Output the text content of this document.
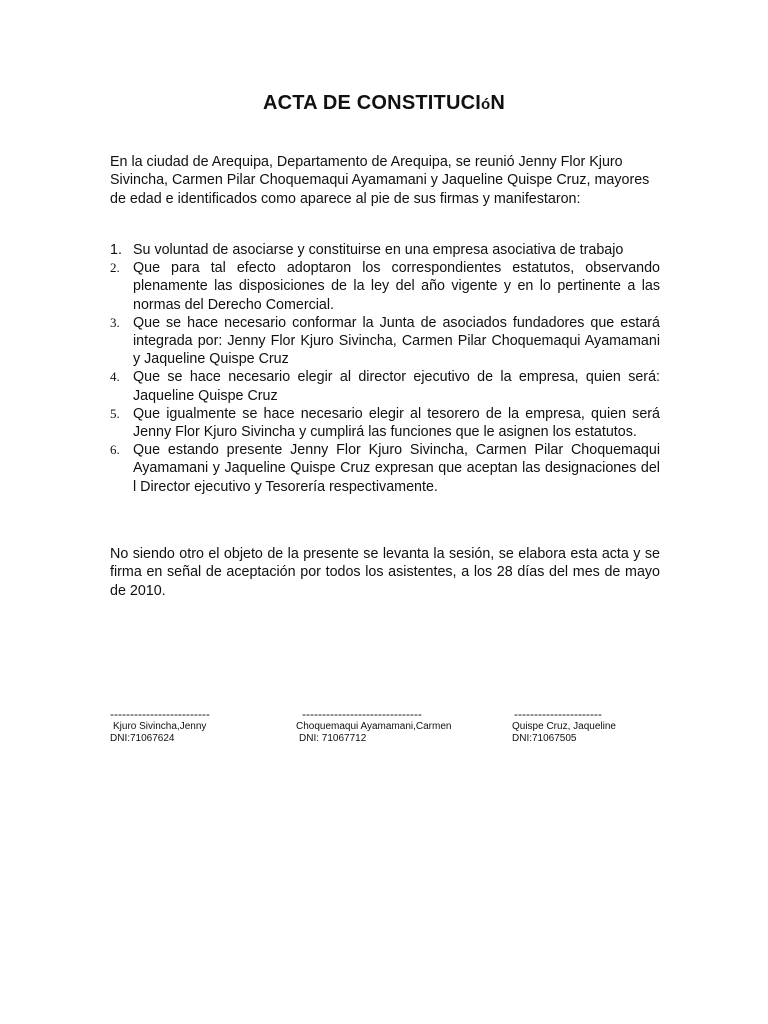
ACTA DE CONSTITUCIóN
En la ciudad de Arequipa, Departamento de Arequipa, se reunió Jenny Flor Kjuro Sivincha, Carmen Pilar Choquemaqui Ayamamani y Jaqueline Quispe Cruz, mayores de edad e identificados como aparece al pie de sus firmas y manifestaron:
1. Su voluntad de asociarse y constituirse en una empresa asociativa de trabajo
2. Que para tal efecto adoptaron los correspondientes estatutos, observando plenamente las disposiciones de la ley del año vigente y en lo pertinente a las normas del Derecho Comercial.
3. Que se hace necesario conformar la Junta de asociados fundadores que estará integrada por: Jenny Flor Kjuro Sivincha, Carmen Pilar Choquemaqui Ayamamani y Jaqueline Quispe Cruz
4. Que se hace necesario elegir al director ejecutivo de la empresa, quien será: Jaqueline Quispe Cruz
5. Que igualmente se hace necesario elegir al tesorero de la empresa, quien será Jenny Flor Kjuro Sivincha y cumplirá las funciones que le asignen los estatutos.
6. Que estando presente Jenny Flor Kjuro Sivincha, Carmen Pilar Choquemaqui Ayamamani y Jaqueline Quispe Cruz expresan que aceptan las designaciones del l Director ejecutivo y Tesorería respectivamente.
No siendo otro el objeto de la presente se levanta la sesión, se elabora esta acta y se firma en señal de aceptación por todos los asistentes, a los 28 días del mes de mayo de 2010.
-------------------------
Kjuro Sivincha,Jenny
DNI:71067624
------------------------------
Choquemaqui Ayamamani,Carmen
DNI: 71067712
----------------------
Quispe Cruz, Jaqueline
DNI:71067505
